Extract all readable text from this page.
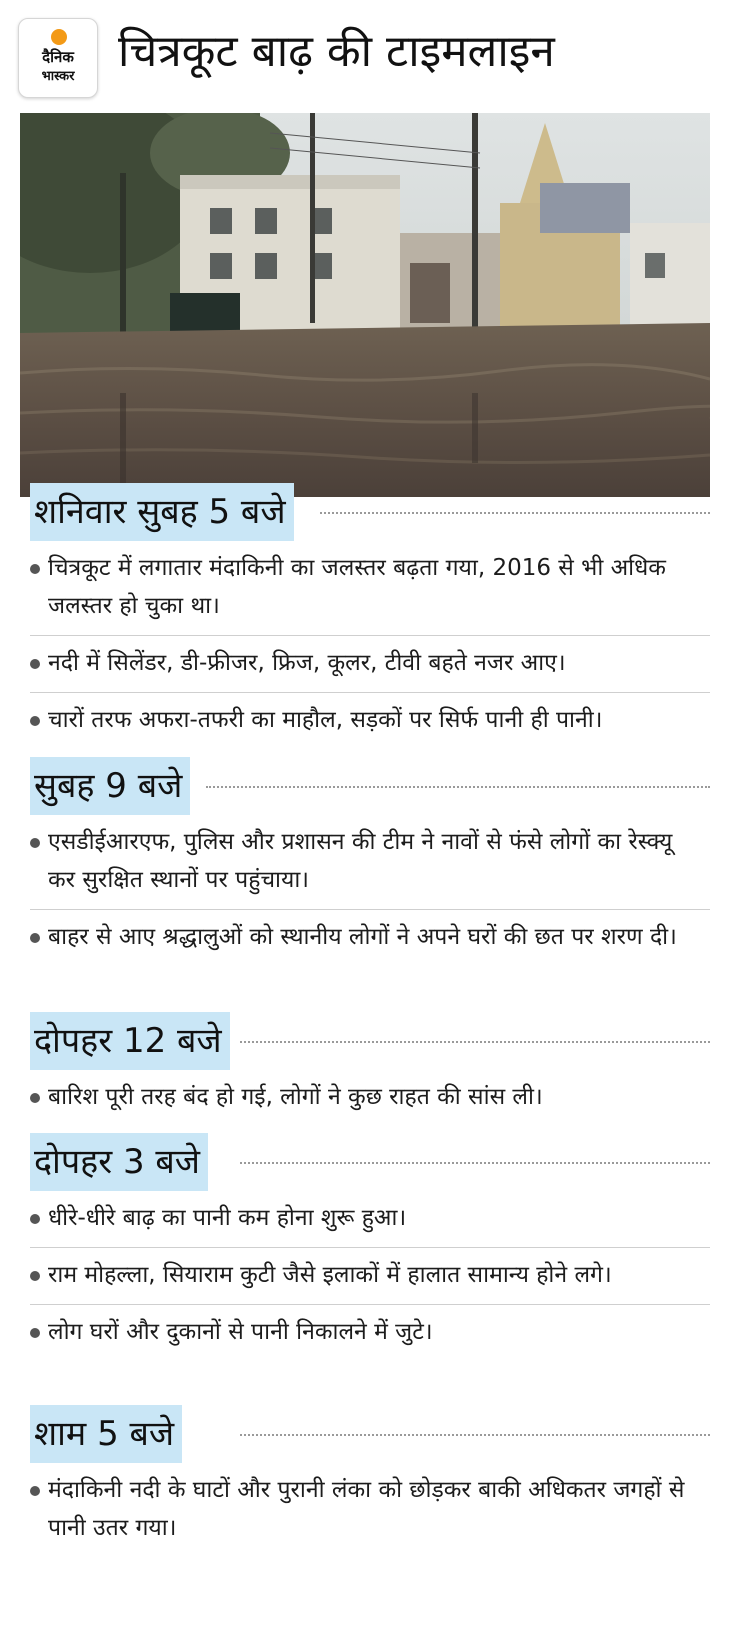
दैनिक
भास्कर चित्रकूट बाढ़ की टाइमलाइन
शनिवार सुबह 5 बजे
चित्रकूट में लगातार मंदाकिनी का जलस्तर बढ़ता गया, 2016 से भी अधिक जलस्तर हो चुका था।
नदी में सिलेंडर, डी-फ्रीजर, फ्रिज, कूलर, टीवी बहते नजर आए।
चारों तरफ अफरा-तफरी का माहौल, सड़कों पर सिर्फ पानी ही पानी।
सुबह 9 बजे
एसडीईआरएफ, पुलिस और प्रशासन की टीम ने नावों से फंसे लोगों का रेस्क्यू कर सुरक्षित स्थानों पर पहुंचाया।
बाहर से आए श्रद्धालुओं को स्थानीय लोगों ने अपने घरों की छत पर शरण दी।
दोपहर 12 बजे
बारिश पूरी तरह बंद हो गई, लोगों ने कुछ राहत की सांस ली।
दोपहर 3 बजे
धीरे-धीरे बाढ़ का पानी कम होना शुरू हुआ।
राम मोहल्ला, सियाराम कुटी जैसे इलाकों में हालात सामान्य होने लगे।
लोग घरों और दुकानों से पानी निकालने में जुटे।
शाम 5 बजे
मंदाकिनी नदी के घाटों और पुरानी लंका को छोड़कर बाकी अधिकतर जगहों से पानी उतर गया।
